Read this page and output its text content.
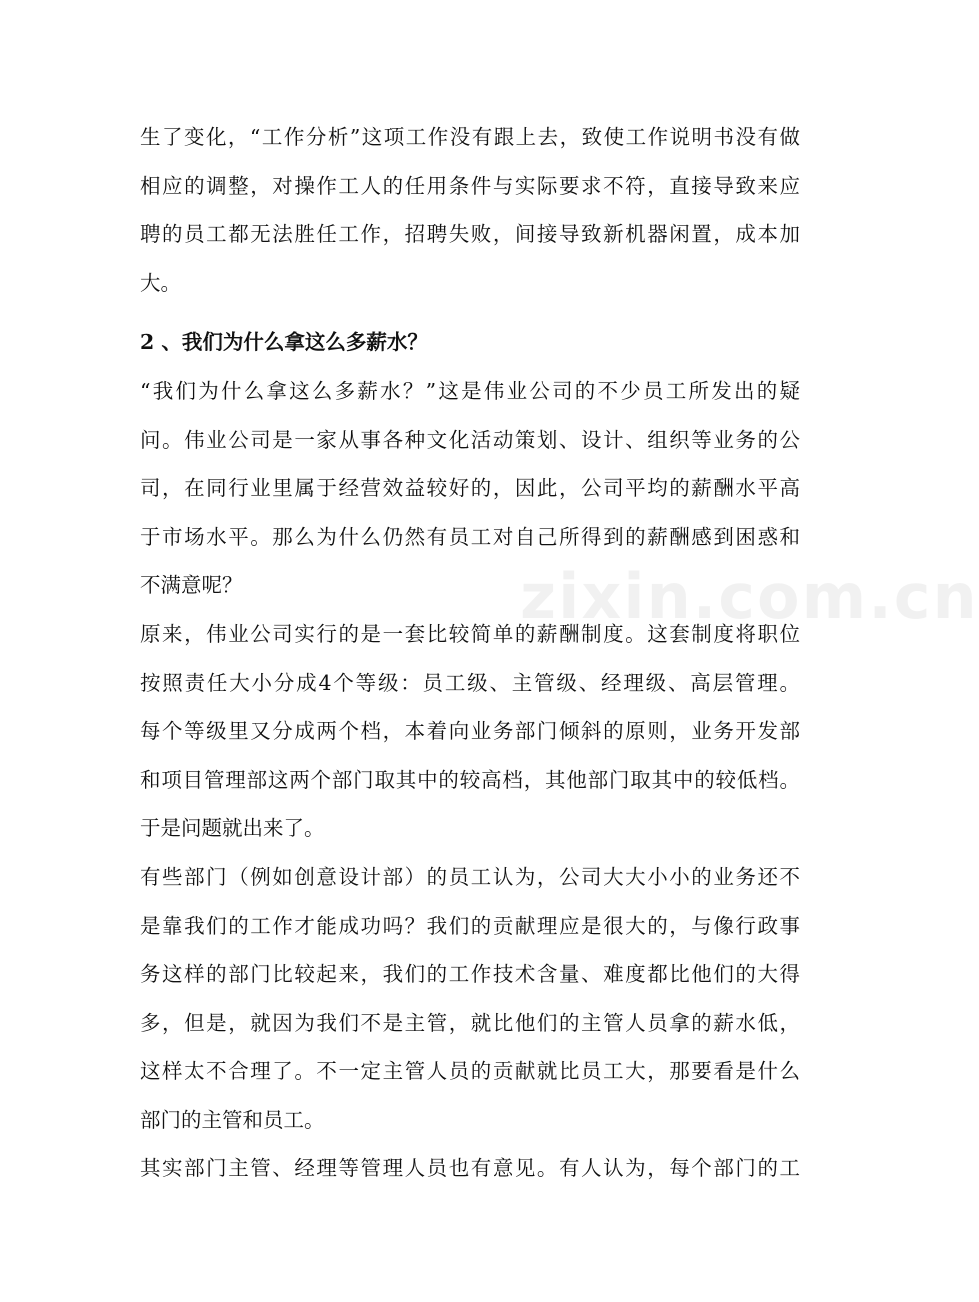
zixin.com.cn
生了变化，“工作分析”这项工作没有跟上去，致使工作说明书没有做
相应的调整，对操作工人的任用条件与实际要求不符，直接导致来应
聘的员工都无法胜任工作，招聘失败，间接导致新机器闲置，成本加
大。
2 、我们为什么拿这么多薪水？
“我们为什么拿这么多薪水？”这是伟业公司的不少员工所发出的疑
问。伟业公司是一家从事各种文化活动策划、设计、组织等业务的公
司，在同行业里属于经营效益较好的，因此，公司平均的薪酬水平高
于市场水平。那么为什么仍然有员工对自己所得到的薪酬感到困惑和
不满意呢？
原来，伟业公司实行的是一套比较简单的薪酬制度。这套制度将职位
按照责任大小分成4个等级：员工级、主管级、经理级、高层管理。
每个等级里又分成两个档，本着向业务部门倾斜的原则，业务开发部
和项目管理部这两个部门取其中的较高档，其他部门取其中的较低档。
于是问题就出来了。
有些部门（例如创意设计部）的员工认为，公司大大小小的业务还不
是靠我们的工作才能成功吗？我们的贡献理应是很大的，与像行政事
务这样的部门比较起来，我们的工作技术含量、难度都比他们的大得
多，但是，就因为我们不是主管，就比他们的主管人员拿的薪水低，
这样太不合理了。不一定主管人员的贡献就比员工大，那要看是什么
部门的主管和员工。
其实部门主管、经理等管理人员也有意见。有人认为，每个部门的工
